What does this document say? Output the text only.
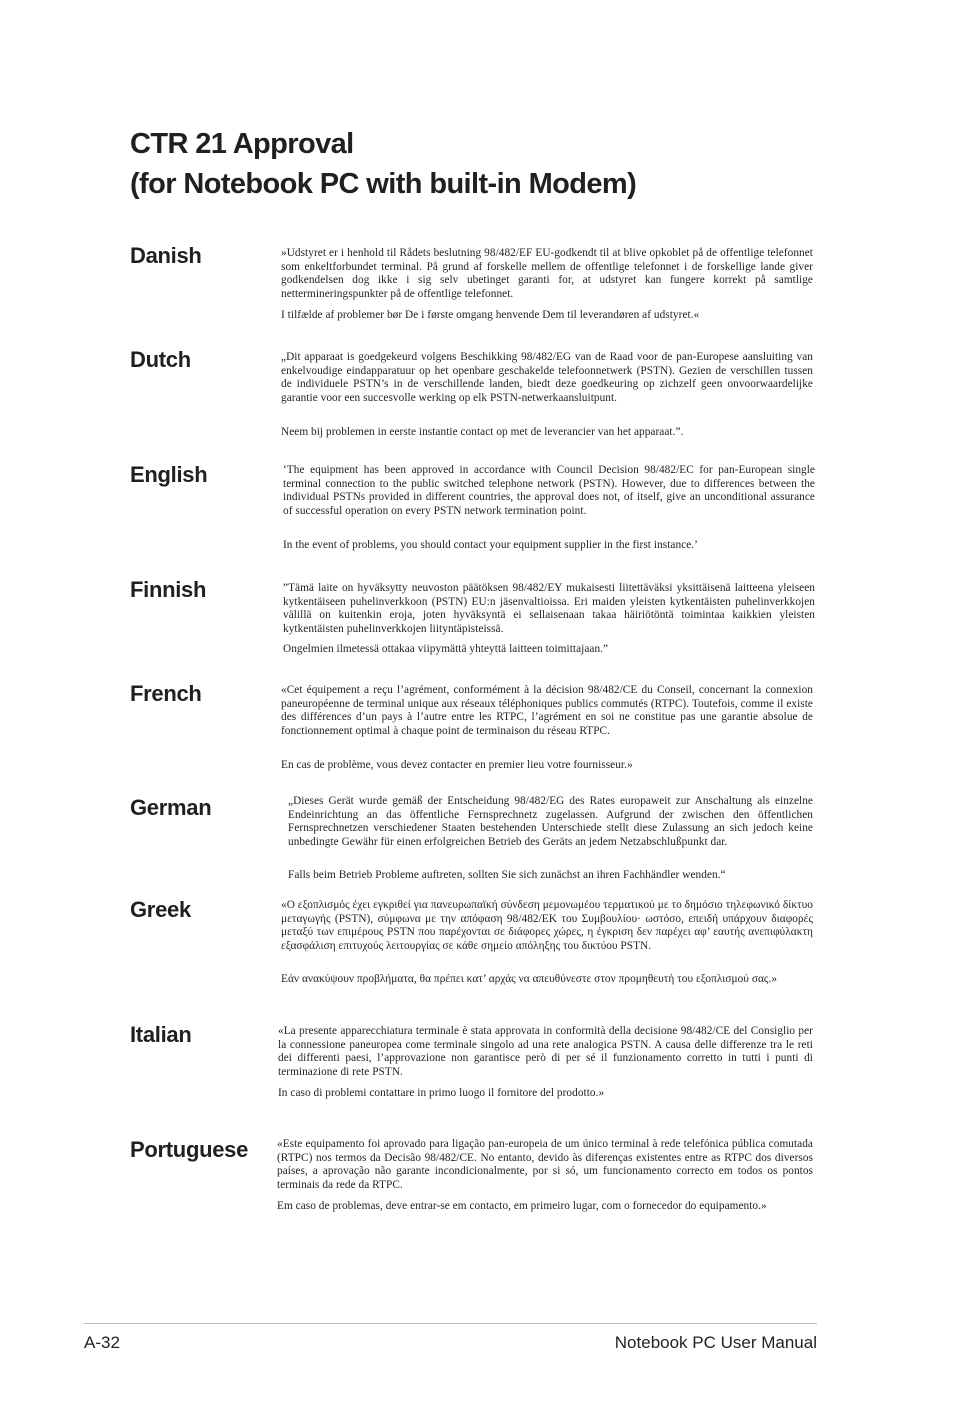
CTR 21 Approval
(for Notebook PC with built-in Modem)
Danish	»Udstyret er i henhold til Rådets beslutning 98/482/EF EU-godkendt til at blive opkoblet på de offentlige telefonnet som enkeltforbundet terminal. På grund af forskelle mellem de offentlige telefonnet i de forskellige lande giver godkendelsen dog ikke i sig selv ubetinget garanti for, at udstyret kan fungere korrekt på samtlige nettermineringspunkter på de offentlige telefonnet.

I tilfælde af problemer bør De i første omgang henvende Dem til leverandøren af udstyret.«

Dutch	„Dit apparaat is goedgekeurd volgens Beschikking 98/482/EG van de Raad voor de pan-Europese aansluiting van enkelvoudige eindapparatuur op het openbare geschakelde telefoonnetwerk (PSTN). Gezien de verschillen tussen de individuele PSTN’s in de verschillende landen, biedt deze goedkeuring op zichzelf geen onvoorwaardelijke garantie voor een succesvolle werking op elk PSTN-netwerkaansluitpunt.

Neem bij problemen in eerste instantie contact op met de leverancier van het apparaat.”.

English	‘The equipment has been approved in accordance with Council Decision 98/482/EC for pan-European single terminal connection to the public switched telephone network (PSTN). However, due to differences between the individual PSTNs provided in different countries, the approval does not, of itself, give an unconditional assurance of successful operation on every PSTN network termination point.

In the event of problems, you should contact your equipment supplier in the first instance.’

Finnish	”Tämä laite on hyväksytty neuvoston päätöksen 98/482/EY mukaisesti liitettäväksi yksittäisenä laitteena yleiseen kytkentäiseen puhelinverkkoon (PSTN) EU:n jäsenvaltioissa. Eri maiden yleisten kytkentäisten puhelinverkkojen välillä on kuitenkin eroja, joten hyväksyntä ei sellaisenaan takaa häiriötöntä toimintaa kaikkien yleisten kytkentäisten puhelinverkkojen liityntäpisteissä.

Ongelmien ilmetessä ottakaa viipymättä yhteyttä laitteen toimittajaan.”

French	«Cet équipement a reçu l’agrément, conformément à la décision 98/482/CE du Conseil, concernant la connexion paneuropéenne de terminal unique aux réseaux téléphoniques publics commutés (RTPC). Toutefois, comme il existe des différences d’un pays à l’autre entre les RTPC, l’agrément en soi ne constitue pas une garantie absolue de fonctionnement optimal à chaque point de terminaison du réseau RTPC.

En cas de problème, vous devez contacter en premier lieu votre fournisseur.»

German	„Dieses Gerät wurde gemäß der Entscheidung 98/482/EG des Rates europaweit zur Anschaltung als einzelne Endeinrichtung an das öffentliche Fernsprechnetz zugelassen. Aufgrund der zwischen den öffentlichen Fernsprechnetzen verschiedener Staaten bestehenden Unterschiede stellt diese Zulassung an sich jedoch keine unbedingte Gewähr für einen erfolgreichen Betrieb des Geräts an jedem Netzabschlußpunkt dar.

Falls beim Betrieb Probleme auftreten, sollten Sie sich zunächst an ihren Fachhändler wenden.“

Greek	«Ο εξοπλισμός έχει εγκριθεί για πανευρωπαϊκή σύνδεση μεμονωμέου τερματικού με το δημόσιο τηλεφωνικό δίκτυο μεταγωγής (PSTN), σύμφωνα με την απόφαση 98/482/ΕΚ του Συμβουλίου· ωστόσο, επειδή υπάρχουν διαφορές μεταξύ των επιμέρους PSTN που παρέχονται σε διάφορες χώρες, η έγκριση δεν παρέχει αφ’ εαυτής ανεπιφύλακτη εξασφάλιση επιτυχούς λειτουργίας σε κάθε σημείο απόληξης του δικτύου PSTN.

Εάν ανακύψουν προβλήματα, θα πρέπει κατ’ αρχάς να απευθύνεστε στον προμηθευτή του εξοπλισμού σας.»

Italian	«La presente apparecchiatura terminale è stata approvata in conformità della decisione 98/482/CE del Consiglio per la connessione paneuropea come terminale singolo ad una rete analogica PSTN. A causa delle differenze tra le reti dei differenti paesi, l’approvazione non garantisce però di per sé il funzionamento corretto in tutti i punti di terminazione di rete PSTN.

In caso di problemi contattare in primo luogo il fornitore del prodotto.»

Portuguese	«Este equipamento foi aprovado para ligação pan-europeia de um único terminal à rede telefónica pública comutada (RTPC) nos termos da Decisão 98/482/CE. No entanto, devido às diferenças existentes entre as RTPC dos diversos países, a aprovação não garante incondicionalmente, por si só, um funcionamento correcto em todos os pontos terminais da rede da RTPC.

Em caso de problemas, deve entrar-se em contacto, em primeiro lugar, com o fornecedor do equipamento.»

A-32	Notebook PC User Manual
